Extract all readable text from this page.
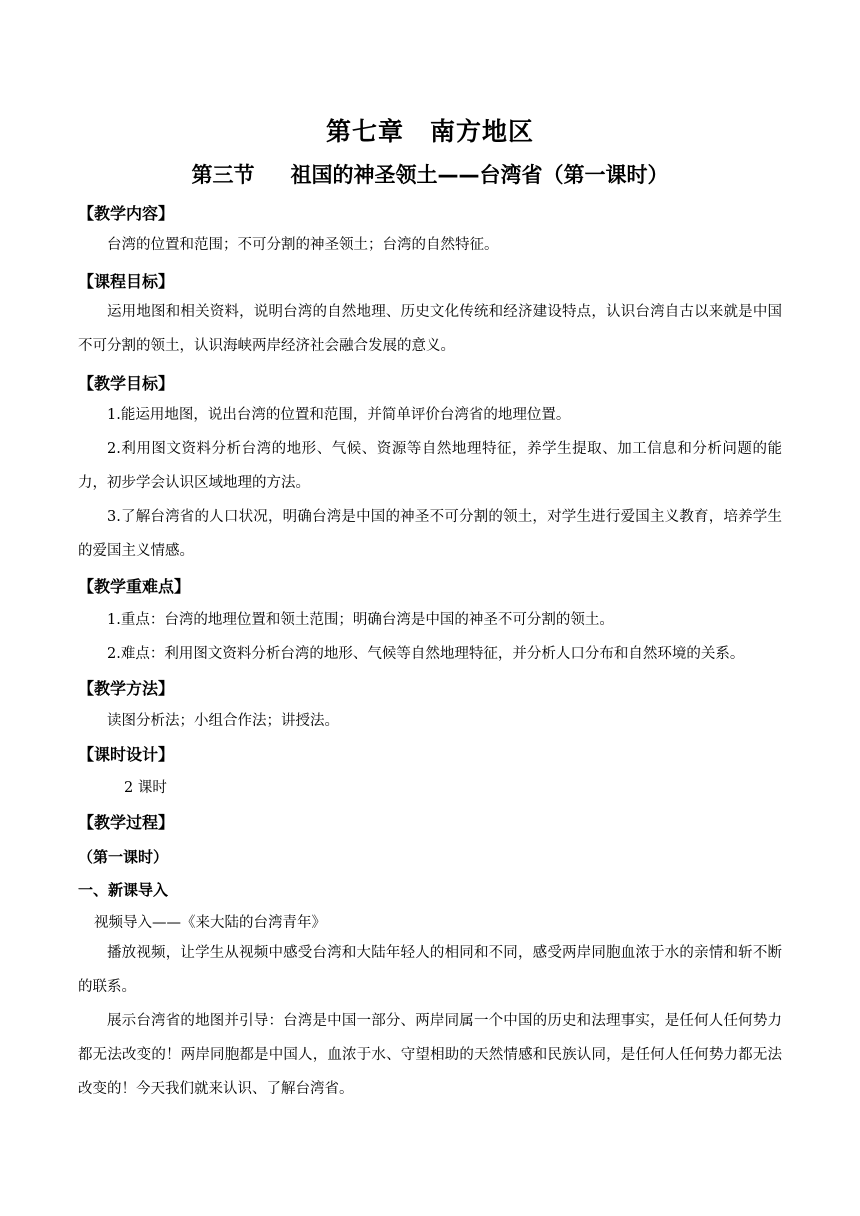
第七章　南方地区
第三节 祖国的神圣领土——台湾省（第一课时）
【教学内容】
台湾的位置和范围；不可分割的神圣领土；台湾的自然特征。
【课程目标】
运用地图和相关资料，说明台湾的自然地理、历史文化传统和经济建设特点，认识台湾自古以来就是中国不可分割的领土，认识海峡两岸经济社会融合发展的意义。
【教学目标】
1.能运用地图，说出台湾的位置和范围，并简单评价台湾省的地理位置。
2.利用图文资料分析台湾的地形、气候、资源等自然地理特征，养学生提取、加工信息和分析问题的能力，初步学会认识区域地理的方法。
3.了解台湾省的人口状况，明确台湾是中国的神圣不可分割的领土，对学生进行爱国主义教育，培养学生的爱国主义情感。
【教学重难点】
1.重点：台湾的地理位置和领土范围；明确台湾是中国的神圣不可分割的领土。
2.难点：利用图文资料分析台湾的地形、气候等自然地理特征，并分析人口分布和自然环境的关系。
【教学方法】
读图分析法；小组合作法；讲授法。
【课时设计】
2 课时
【教学过程】
（第一课时）
一、新课导入
视频导入——《来大陆的台湾青年》
播放视频，让学生从视频中感受台湾和大陆年轻人的相同和不同，感受两岸同胞血浓于水的亲情和斩不断的联系。
展示台湾省的地图并引导：台湾是中国一部分、两岸同属一个中国的历史和法理事实，是任何人任何势力都无法改变的！两岸同胞都是中国人，血浓于水、守望相助的天然情感和民族认同，是任何人任何势力都无法改变的！今天我们就来认识、了解台湾省。
